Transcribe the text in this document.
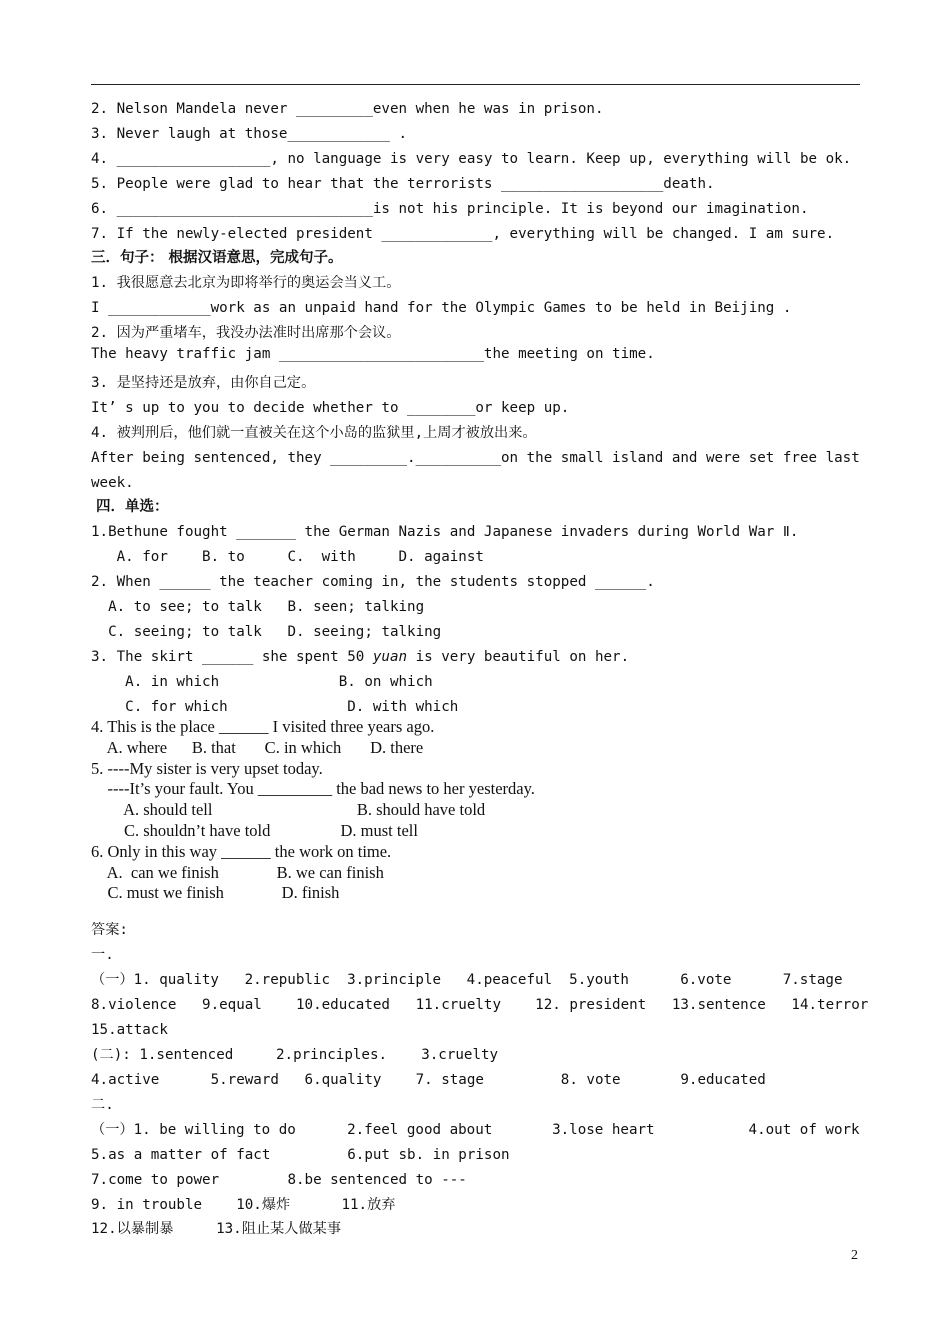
2. Nelson Mandela never _________even when he was in prison.
3. Never laugh at those____________ .
4. __________________, no language is very easy to learn. Keep up, everything will be ok.
5. People were glad to hear that the terrorists ___________________death.
6. ______________________________is not his principle. It is beyond our imagination.
7. If the newly-elected president _____________, everything will be changed. I am sure.
三．句子： 根据汉语意思，完成句子。
1. 我很愿意去北京为即将举行的奥运会当义工。
I ____________work as an unpaid hand for the Olympic Games to be held in Beijing .
2. 因为严重堵车，我没办法准时出席那个会议。
The heavy traffic jam ________________________the meeting on time.
3. 是坚持还是放弃，由你自己定。
It’ s up to you to decide whether to ________or keep up.
4. 被判刑后，他们就一直被关在这个小岛的监狱里,上周才被放出来。
After being sentenced, they _________.__________on the small island and were set free last
week.
四．单选：
1.Bethune fought _______ the German Nazis and Japanese invaders during World War Ⅱ.
A. for    B. to     C.  with     D. against
2. When ______ the teacher coming in, the students stopped ______.
A. to see; to talk   B. seen; talking
C. seeing; to talk   D. seeing; talking
3. The skirt ______ she spent 50 yuan is very beautiful on her.
A. in which              B. on which
C. for which              D. with which
4. This is the place ______ I visited three years ago.
A. where      B. that       C. in which       D. there
5. ----My sister is very upset today.
----It’s your fault. You _________ the bad news to her yesterday.
A. should tell                                   B. should have told
C. shouldn’t have told                 D. must tell
6. Only in this way ______ the work on time.
A.  can we finish              B. we can finish
C. must we finish              D. finish
答案:
一.
（一）1. quality   2.republic  3.principle   4.peaceful  5.youth      6.vote      7.stage
8.violence   9.equal    10.educated   11.cruelty    12. president   13.sentence   14.terror
15.attack
(二): 1.sentenced     2.principles.    3.cruelty
4.active      5.reward   6.quality    7. stage         8. vote       9.educated
二.
（一）1. be willing to do      2.feel good about       3.lose heart           4.out of work
5.as a matter of fact         6.put sb. in prison
7.come to power        8.be sentenced to ---
9. in trouble    10.爆炸      11.放弃
12.以暴制暴     13.阻止某人做某事
2
